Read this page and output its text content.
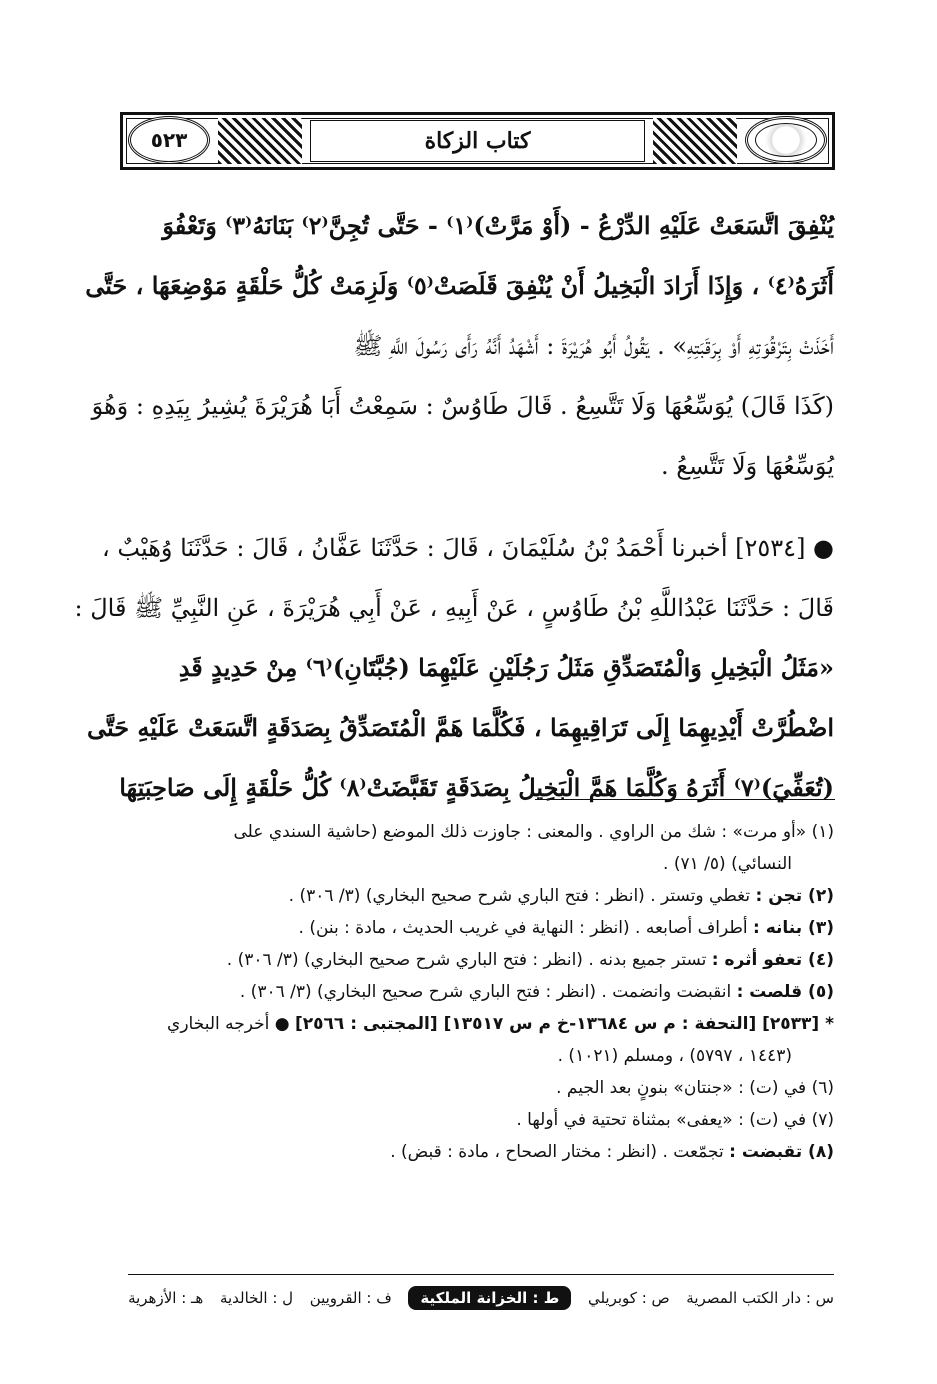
٥٢٣	كتاب الزكاة
يُنْفِقَ اتَّسَعَتْ عَلَيْهِ الدِّرْعُ - (أَوْ مَرَّتْ)⁽١⁾ - حَتَّى تُجِنَّ⁽٢⁾ بَنَانَهُ⁽٣⁾ وَتَعْفُوَ
أَثَرَهُ⁽٤⁾ ، وَإِذَا أَرَادَ الْبَخِيلُ أَنْ يُنْفِقَ قَلَصَتْ⁽٥⁾ وَلَزِمَتْ كُلُّ حَلْقَةٍ مَوْضِعَهَا ، حَتَّى
أَخَذَتْ بِتَرْقُوَتِهِ أَوْ بِرَقَبَتِهِ» . يَقُولُ أَبُو هُرَيْرَةَ : أَشْهَدُ أَنَّهُ رَأَى رَسُولَ اللَّهِ ﷺ
(كَذَا قَالَ) يُوَسِّعُهَا وَلَا تَتَّسِعُ . قَالَ طَاوُسٌ : سَمِعْتُ أَبَا هُرَيْرَةَ يُشِيرُ بِيَدِهِ : وَهُوَ
يُوَسِّعُهَا وَلَا تَتَّسِعُ .
● [٢٥٣٤] أخبرنا أَحْمَدُ بْنُ سُلَيْمَانَ ، قَالَ : حَدَّثَنَا عَفَّانُ ، قَالَ : حَدَّثَنَا وُهَيْبٌ ،
قَالَ : حَدَّثَنَا عَبْدُاللَّهِ بْنُ طَاوُسٍ ، عَنْ أَبِيهِ ، عَنْ أَبِي هُرَيْرَةَ ، عَنِ النَّبِيِّ ﷺ قَالَ :
«مَثَلُ الْبَخِيلِ وَالْمُتَصَدِّقِ مَثَلُ رَجُلَيْنِ عَلَيْهِمَا (جُبَّتَانِ)⁽٦⁾ مِنْ حَدِيدٍ قَدِ
اضْطُرَّتْ أَيْدِيهِمَا إِلَى تَرَاقِيهِمَا ، فَكُلَّمَا هَمَّ الْمُتَصَدِّقُ بِصَدَقَةٍ اتَّسَعَتْ عَلَيْهِ حَتَّى
(تُعَفِّيَ)⁽٧⁾ أَثَرَهُ وَكُلَّمَا هَمَّ الْبَخِيلُ بِصَدَقَةٍ تَقَبَّضَتْ⁽٨⁾ كُلُّ حَلْقَةٍ إِلَى صَاحِبَتِهَا
(١) «أو مرت» : شك من الراوي . والمعنى : جاوزت ذلك الموضع (حاشية السندي على
النسائي) (٥/ ٧١) .
(٢) تجن : تغطي وتستر . (انظر : فتح الباري شرح صحيح البخاري) (٣/ ٣٠٦) .
(٣) بنانه : أطراف أصابعه . (انظر : النهاية في غريب الحديث ، مادة : بنن) .
(٤) تعفو أثره : تستر جميع بدنه . (انظر : فتح الباري شرح صحيح البخاري) (٣/ ٣٠٦) .
(٥) قلصت : انقبضت وانضمت . (انظر : فتح الباري شرح صحيح البخاري) (٣/ ٣٠٦) .
* [٢٥٣٣] [التحفة : م س ١٣٦٨٤-خ م س ١٣٥١٧] [المجتبى : ٢٥٦٦] ● أخرجه البخاري
(١٤٤٣ ، ٥٧٩٧) ، ومسلم (١٠٢١) .
(٦) في (ت) : «جنتان» بنونٍ بعد الجيم .
(٧) في (ت) : «يعفى» بمثناة تحتية في أولها .
(٨) تقبضت : تجمّعت . (انظر : مختار الصحاح ، مادة : قبض) .
س : دار الكتب المصرية
ص : كوبريلي
ط : الخزانة الملكية
ف : القرويين
ل : الخالدية
هـ : الأزهرية
